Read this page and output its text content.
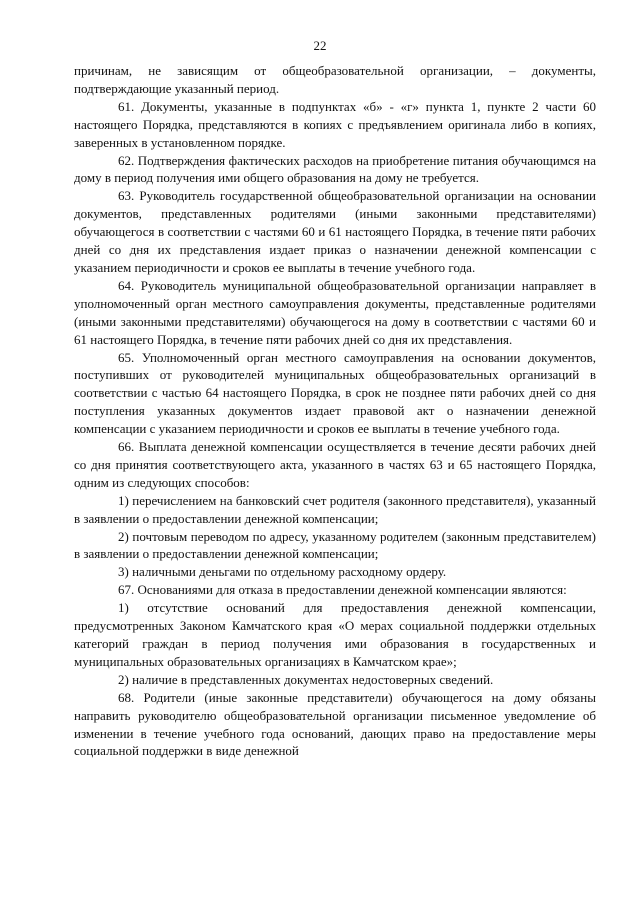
22

причинам, не зависящим от общеобразовательной организации, – документы, подтверждающие указанный период.

61. Документы, указанные в подпунктах «б» - «г» пункта 1, пункте 2 части 60 настоящего Порядка, представляются в копиях с предъявлением оригинала либо в копиях, заверенных в установленном порядке.

62. Подтверждения фактических расходов на приобретение питания обучающимся на дому в период получения ими общего образования на дому не требуется.

63. Руководитель государственной общеобразовательной организации на основании документов, представленных родителями (иными законными представителями) обучающегося в соответствии с частями 60 и 61 настоящего Порядка, в течение пяти рабочих дней со дня их представления издает приказ о назначении денежной компенсации с указанием периодичности и сроков ее выплаты в течение учебного года.

64. Руководитель муниципальной общеобразовательной организации направляет в уполномоченный орган местного самоуправления документы, представленные родителями (иными законными представителями) обучающегося на дому в соответствии с частями 60 и 61 настоящего Порядка, в течение пяти рабочих дней со дня их представления.

65. Уполномоченный орган местного самоуправления на основании документов, поступивших от руководителей муниципальных общеобразовательных организаций в соответствии с частью 64 настоящего Порядка, в срок не позднее пяти рабочих дней со дня поступления указанных документов издает правовой акт о назначении денежной компенсации с указанием периодичности и сроков ее выплаты в течение учебного года.

66. Выплата денежной компенсации осуществляется в течение десяти рабочих дней со дня принятия соответствующего акта, указанного в частях 63 и 65 настоящего Порядка, одним из следующих способов:

1) перечислением на банковский счет родителя (законного представителя), указанный в заявлении о предоставлении денежной компенсации;

2) почтовым переводом по адресу, указанному родителем (законным представителем) в заявлении о предоставлении денежной компенсации;

3) наличными деньгами по отдельному расходному ордеру.

67. Основаниями для отказа в предоставлении денежной компенсации являются:

1) отсутствие оснований для предоставления денежной компенсации, предусмотренных Законом Камчатского края «О мерах социальной поддержки отдельных категорий граждан в период получения ими образования в государственных и муниципальных образовательных организациях в Камчатском крае»;

2) наличие в представленных документах недостоверных сведений.

68. Родители (иные законные представители) обучающегося на дому обязаны направить руководителю общеобразовательной организации письменное уведомление об изменении в течение учебного года оснований, дающих право на предоставление меры социальной поддержки в виде денежной
